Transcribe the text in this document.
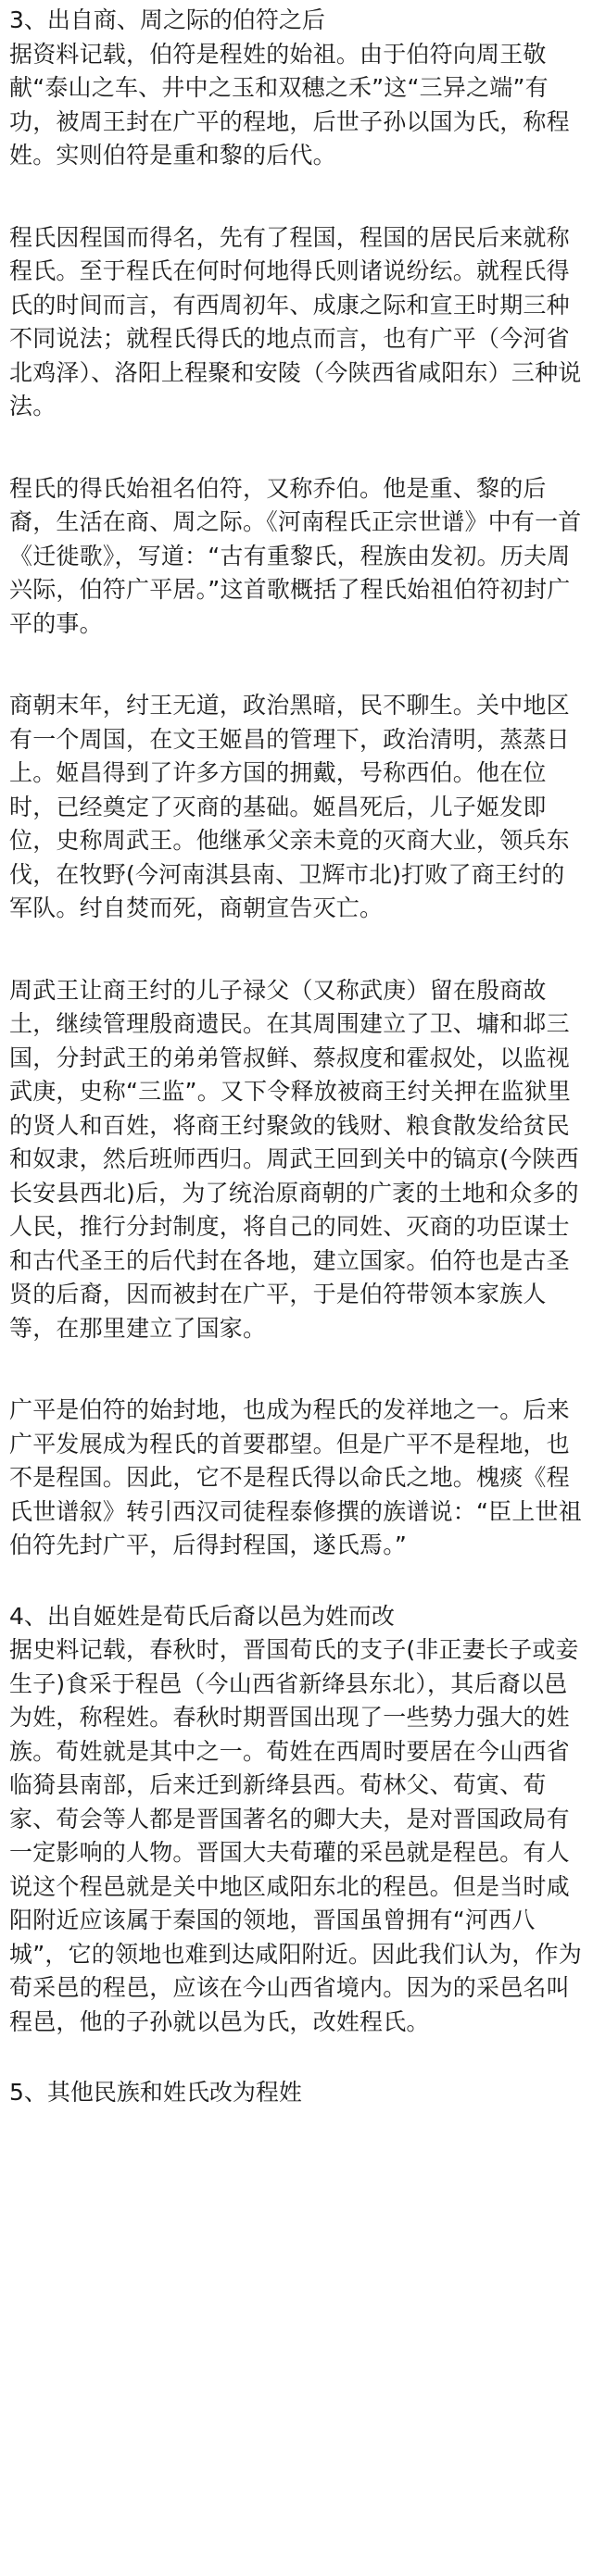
3、出自商、周之际的伯符之后

据资料记载，伯符是程姓的始祖。由于伯符向周王敬献“泰山之车、井中之玉和双穗之禾”这“三异之端”有功，被周王封在广平的程地，后世子孙以国为氏，称程姓。实则伯符是重和黎的后代。

程氏因程国而得名，先有了程国，程国的居民后来就称程氏。至于程氏在何时何地得氏则诸说纷纭。就程氏得氏的时间而言，有西周初年、成康之际和宣王时期三种不同说法；就程氏得氏的地点而言，也有广平（今河省北鸡泽）、洛阳上程聚和安陵（今陕西省咸阳东）三种说法。

程氏的得氏始祖名伯符，又称乔伯。他是重、黎的后裔，生活在商、周之际。《河南程氏正宗世谱》中有一首《迁徙歌》，写道：“古有重黎氏，程族由发初。历夫周兴际，伯符广平居。”这首歌概括了程氏始祖伯符初封广平的事。

商朝末年，纣王无道，政治黑暗，民不聊生。关中地区有一个周国，在文王姬昌的管理下，政治清明，蒸蒸日上。姬昌得到了许多方国的拥戴，号称西伯。他在位时，已经奠定了灭商的基础。姬昌死后，儿子姬发即位，史称周武王。他继承父亲未竟的灭商大业，领兵东伐，在牧野(今河南淇县南、卫辉市北)打败了商王纣的军队。纣自焚而死，商朝宣告灭亡。

周武王让商王纣的儿子禄父（又称武庚）留在殷商故土，继续管理殷商遗民。在其周围建立了卫、墉和邶三国，分封武王的弟弟管叔鲜、蔡叔度和霍叔处，以监视武庚，史称“三监”。又下令释放被商王纣关押在监狱里的贤人和百姓，将商王纣聚敛的钱财、粮食散发给贫民和奴隶，然后班师西归。周武王回到关中的镐京(今陕西长安县西北)后，为了统治原商朝的广袤的土地和众多的人民，推行分封制度，将自己的同姓、灭商的功臣谋士和古代圣王的后代封在各地，建立国家。伯符也是古圣贤的后裔，因而被封在广平，于是伯符带领本家族人等，在那里建立了国家。

广平是伯符的始封地，也成为程氏的发祥地之一。后来广平发展成为程氏的首要郡望。但是广平不是程地，也不是程国。因此，它不是程氏得以命氏之地。槐痰《程氏世谱叙》转引西汉司徒程泰修撰的族谱说：“臣上世祖伯符先封广平，后得封程国，遂氏焉。”

4、出自姬姓是荀氏后裔以邑为姓而改

据史料记载，春秋时，晋国荀氏的支子(非正妻长子或妾生子)食采于程邑（今山西省新绛县东北），其后裔以邑为姓，称程姓。春秋时期晋国出现了一些势力强大的姓族。荀姓就是其中之一。荀姓在西周时要居在今山西省临猗县南部，后来迁到新绛县西。荀林父、荀寅、荀家、荀会等人都是晋国著名的卿大夫，是对晋国政局有一定影响的人物。晋国大夫荀瓘的采邑就是程邑。有人说这个程邑就是关中地区咸阳东北的程邑。但是当时咸阳附近应该属于秦国的领地，晋国虽曾拥有“河西八城”，它的领地也难到达咸阳附近。因此我们认为，作为荀采邑的程邑，应该在今山西省境内。因为的采邑名叫程邑，他的子孙就以邑为氏，改姓程氏。

5、其他民族和姓氏改为程姓
